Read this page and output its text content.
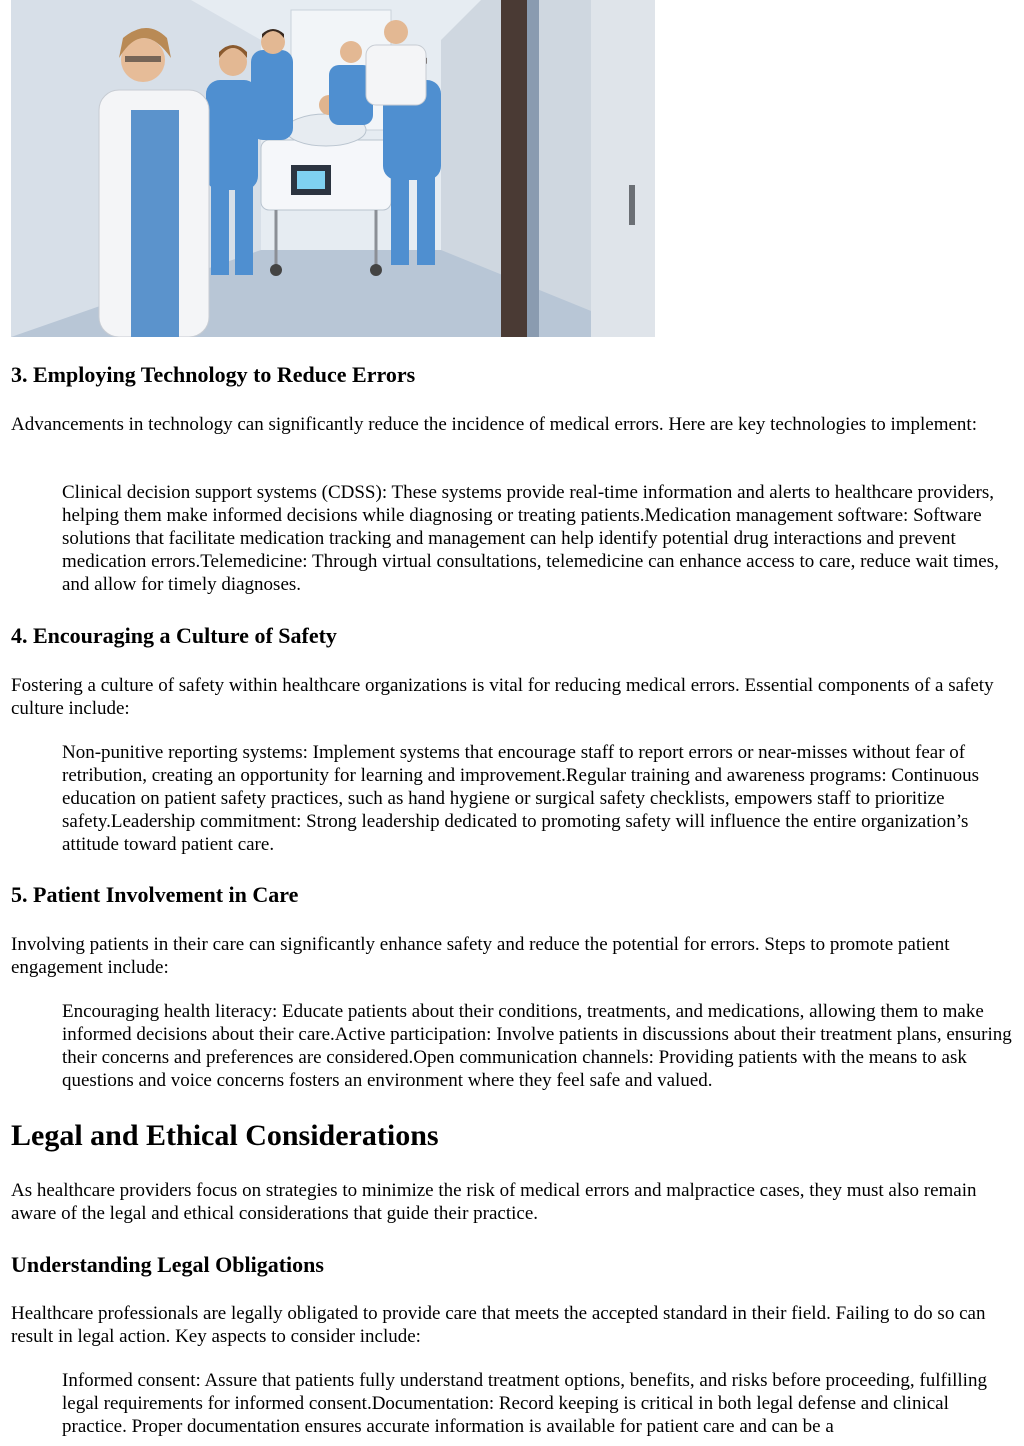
3. Employing Technology to Reduce Errors

Advancements in technology can significantly reduce the incidence of medical errors. Here are key technologies to implement:

Clinical decision support systems (CDSS): These systems provide real-time information and alerts to healthcare providers, helping them make informed decisions while diagnosing or treating patients.Medication management software: Software solutions that facilitate medication tracking and management can help identify potential drug interactions and prevent medication errors.Telemedicine: Through virtual consultations, telemedicine can enhance access to care, reduce wait times, and allow for timely diagnoses.
4. Encouraging a Culture of Safety

Fostering a culture of safety within healthcare organizations is vital for reducing medical errors. Essential components of a safety culture include:

Non-punitive reporting systems: Implement systems that encourage staff to report errors or near-misses without fear of retribution, creating an opportunity for learning and improvement.Regular training and awareness programs: Continuous education on patient safety practices, such as hand hygiene or surgical safety checklists, empowers staff to prioritize safety.Leadership commitment: Strong leadership dedicated to promoting safety will influence the entire organization’s attitude toward patient care.
5. Patient Involvement in Care

Involving patients in their care can significantly enhance safety and reduce the potential for errors. Steps to promote patient engagement include:

Encouraging health literacy: Educate patients about their conditions, treatments, and medications, allowing them to make informed decisions about their care.Active participation: Involve patients in discussions about their treatment plans, ensuring their concerns and preferences are considered.Open communication channels: Providing patients with the means to ask questions and voice concerns fosters an environment where they feel safe and valued.
Legal and Ethical Considerations

As healthcare providers focus on strategies to minimize the risk of medical errors and malpractice cases, they must also remain aware of the legal and ethical considerations that guide their practice.

Understanding Legal Obligations

Healthcare professionals are legally obligated to provide care that meets the accepted standard in their field. Failing to do so can result in legal action. Key aspects to consider include:

Informed consent: Assure that patients fully understand treatment options, benefits, and risks before proceeding, fulfilling legal requirements for informed consent.Documentation: Record keeping is critical in both legal defense and clinical practice. Proper documentation ensures accurate information is available for patient care and can be a
